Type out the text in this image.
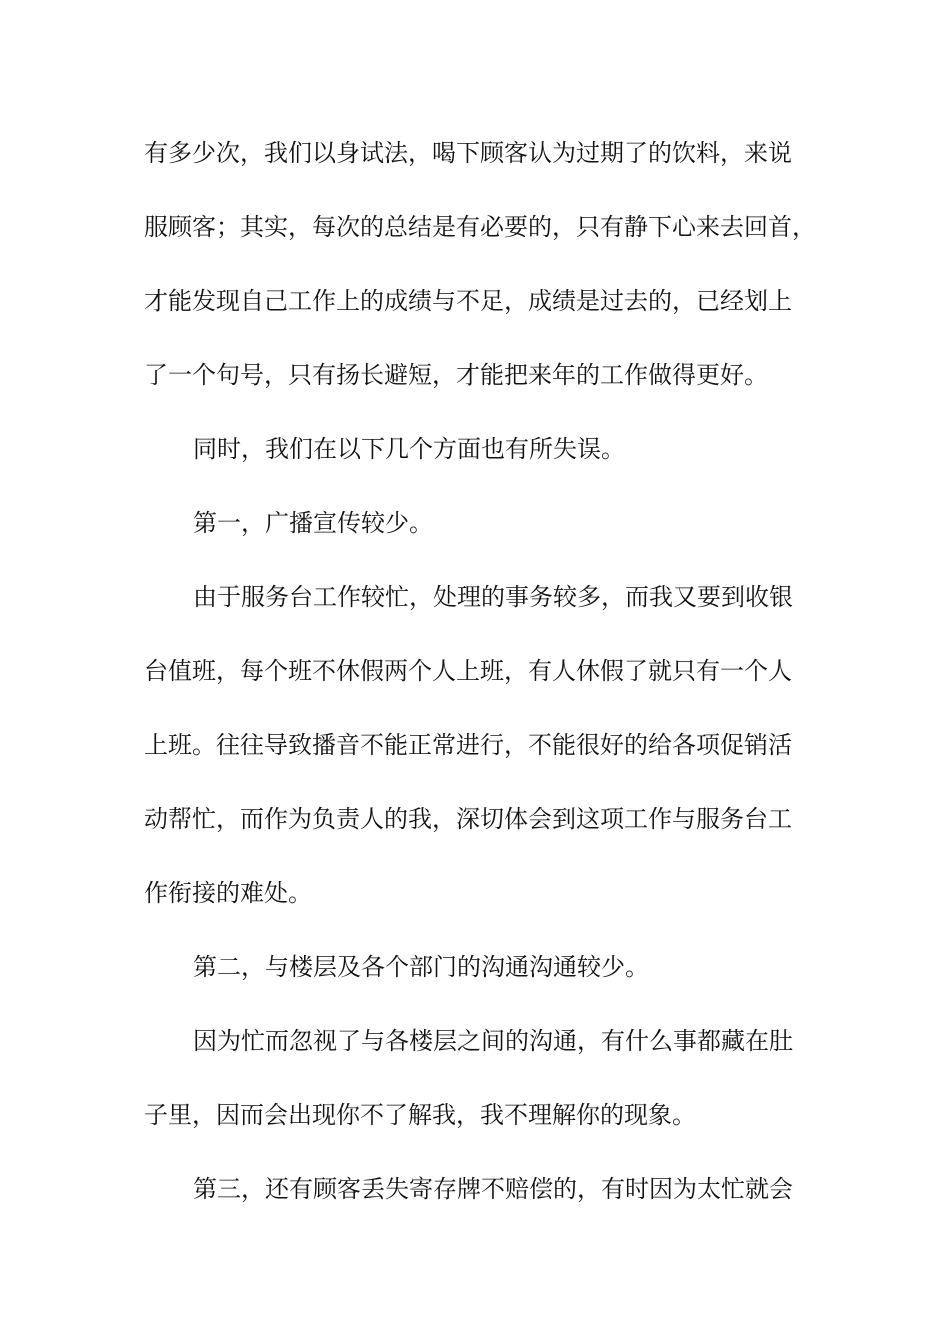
有多少次，我们以身试法，喝下顾客认为过期了的饮料，来说
服顾客；其实，每次的总结是有必要的，只有静下心来去回首，
才能发现自己工作上的成绩与不足，成绩是过去的，已经划上
了一个句号，只有扬长避短，才能把来年的工作做得更好。
同时，我们在以下几个方面也有所失误。
第一，广播宣传较少。
由于服务台工作较忙，处理的事务较多，而我又要到收银
台值班，每个班不休假两个人上班，有人休假了就只有一个人
上班。往往导致播音不能正常进行，不能很好的给各项促销活
动帮忙，而作为负责人的我，深切体会到这项工作与服务台工
作衔接的难处。
第二，与楼层及各个部门的沟通沟通较少。
因为忙而忽视了与各楼层之间的沟通，有什么事都藏在肚
子里，因而会出现你不了解我，我不理解你的现象。
第三，还有顾客丢失寄存牌不赔偿的，有时因为太忙就会
